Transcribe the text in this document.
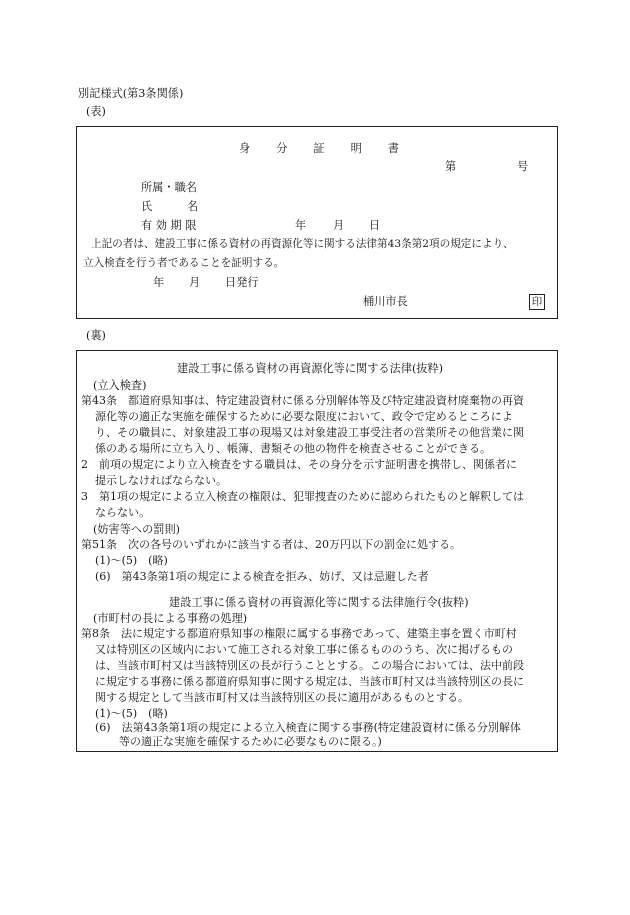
別記様式(第3条関係)
(表)
身 分 証 明 書
第	号
所属・職名
氏	名
有 効 期 限	年 月 日
上記の者は、建設工事に係る資材の再資源化等に関する法律第43条第2項の規定により、
立入検査を行う者であることを証明する。
年 月 日発行
桶川市長	印
(裏)
建設工事に係る資材の再資源化等に関する法律(抜粋)
(立入検査)
第43条　都道府県知事は、特定建設資材に係る分別解体等及び特定建設資材廃棄物の再資
源化等の適正な実施を確保するために必要な限度において、政令で定めるところによ
り、その職員に、対象建設工事の現場又は対象建設工事受注者の営業所その他営業に関
係のある場所に立ち入り、帳簿、書類その他の物件を検査させることができる。
2　前項の規定により立入検査をする職員は、その身分を示す証明書を携帯し、関係者に
提示しなければならない。
3　第1項の規定による立入検査の権限は、犯罪捜査のために認められたものと解釈しては
ならない。
(妨害等への罰則)
第51条　次の各号のいずれかに該当する者は、20万円以下の罰金に処する。
(1)～(5)　(略)
(6)　第43条第1項の規定による検査を拒み、妨げ、又は忌避した者
建設工事に係る資材の再資源化等に関する法律施行令(抜粋)
(市町村の長による事務の処理)
第8条　法に規定する都道府県知事の権限に属する事務であって、建築主事を置く市町村
又は特別区の区域内において施工される対象工事に係るもののうち、次に掲げるもの
は、当該市町村又は当該特別区の長が行うこととする。この場合においては、法中前段
に規定する事務に係る都道府県知事に関する規定は、当該市町村又は当該特別区の長に
関する規定として当該市町村又は当該特別区の長に適用があるものとする。
(1)～(5)　(略)
(6)　法第43条第1項の規定による立入検査に関する事務(特定建設資材に係る分別解体
等の適正な実施を確保するために必要なものに限る。)
